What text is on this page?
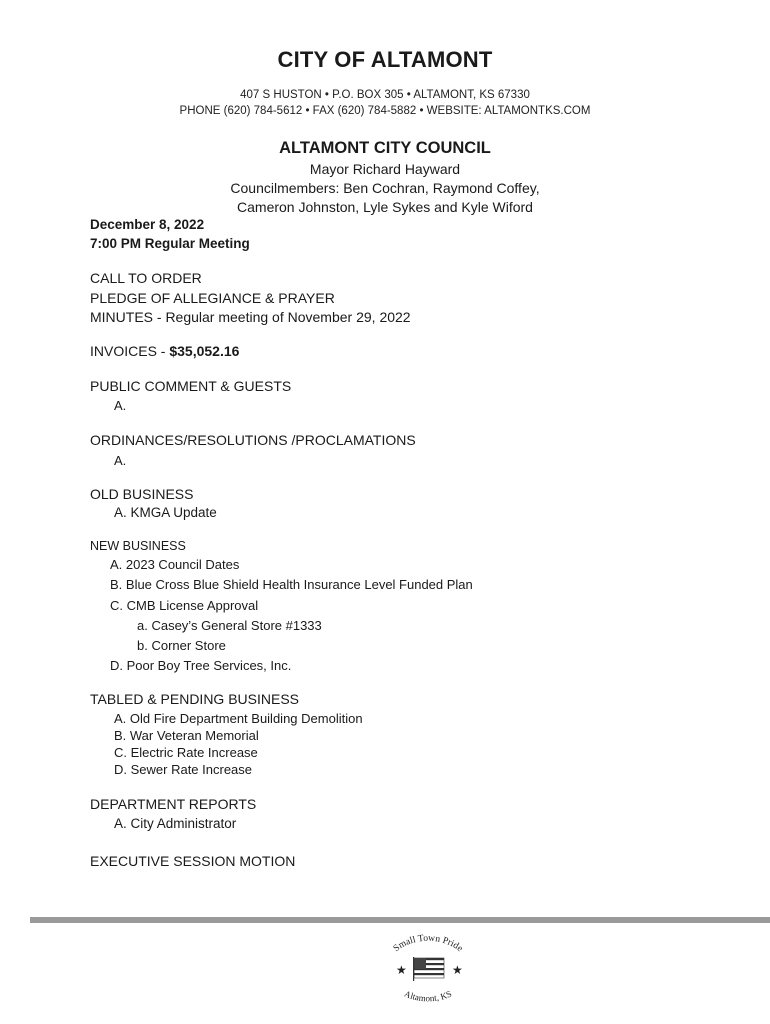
CITY OF ALTAMONT
407 S HUSTON • P.O. BOX 305 • ALTAMONT, KS 67330
PHONE (620) 784-5612 • FAX (620) 784-5882 • WEBSITE: ALTAMONTKS.COM
ALTAMONT CITY COUNCIL
Mayor Richard Hayward
Councilmembers: Ben Cochran, Raymond Coffey,
Cameron Johnston, Lyle Sykes and Kyle Wiford
December 8, 2022
7:00 PM Regular Meeting
CALL TO ORDER
PLEDGE OF ALLEGIANCE & PRAYER
MINUTES - Regular meeting of November 29, 2022
INVOICES - $35,052.16
PUBLIC COMMENT & GUESTS
A.
ORDINANCES/RESOLUTIONS /PROCLAMATIONS
A.
OLD BUSINESS
A. KMGA Update
NEW BUSINESS
A. 2023 Council Dates
B. Blue Cross Blue Shield Health Insurance Level Funded Plan
C. CMB License Approval
a. Casey’s General Store #1333
b. Corner Store
D. Poor Boy Tree Services, Inc.
TABLED & PENDING BUSINESS
A. Old Fire Department Building Demolition
B. War Veteran Memorial
C. Electric Rate Increase
D. Sewer Rate Increase
DEPARTMENT REPORTS
A. City Administrator
EXECUTIVE SESSION MOTION
Small Town Pride
Altamont, KS
★	★
